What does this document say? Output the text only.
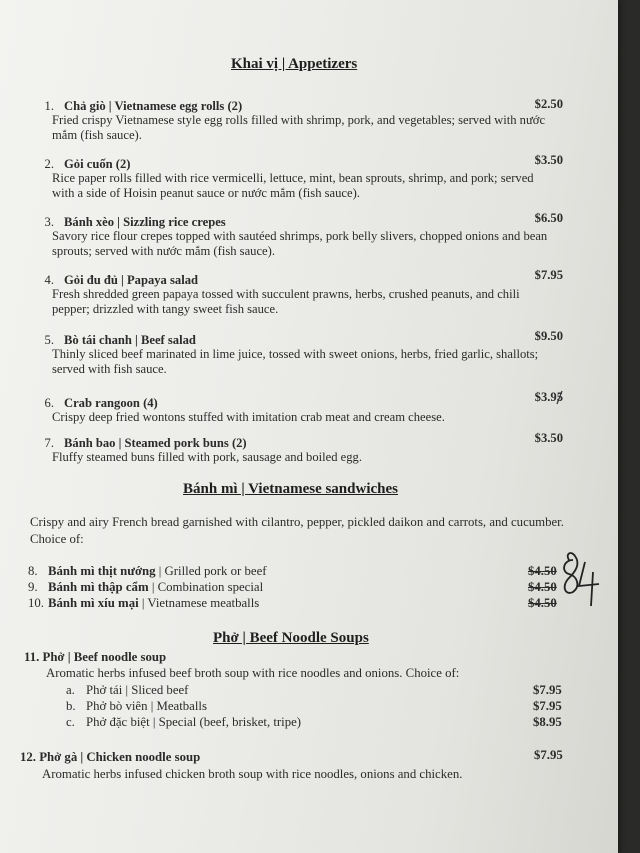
Khai vị | Appetizers
1. Chả giò | Vietnamese egg rolls (2)	$2.50
Fried crispy Vietnamese style egg rolls filled with shrimp, pork, and vegetables; served with nước mắm (fish sauce).
2. Gỏi cuốn (2)	$3.50
Rice paper rolls filled with rice vermicelli, lettuce, mint, bean sprouts, shrimp, and pork; served with a side of Hoisin peanut sauce or nước mắm (fish sauce).
3. Bánh xèo | Sizzling rice crepes	$6.50
Savory rice flour crepes topped with sautéed shrimps, pork belly slivers, chopped onions and bean sprouts; served with nước mắm (fish sauce).
4. Gỏi đu đủ | Papaya salad	$7.95
Fresh shredded green papaya tossed with succulent prawns, herbs, crushed peanuts, and chili pepper; drizzled with tangy sweet fish sauce.
5. Bò tái chanh | Beef salad	$9.50
Thinly sliced beef marinated in lime juice, tossed with sweet onions, herbs, fried garlic, shallots; served with fish sauce.
6. Crab rangoon (4)	$3.95
Crispy deep fried wontons stuffed with imitation crab meat and cream cheese.
7. Bánh bao | Steamed pork buns (2)	$3.50
Fluffy steamed buns filled with pork, sausage and boiled egg.
Bánh mì | Vietnamese sandwiches
Crispy and airy French bread garnished with cilantro, pepper, pickled daikon and carrots, and cucumber. Choice of:
8. Bánh mì thịt nướng | Grilled pork or beef	$4.50
9. Bánh mì thập cẩm | Combination special	$4.50
10. Bánh mì xíu mại | Vietnamese meatballs	$4.50
84
Phở | Beef Noodle Soups
11. Phở | Beef noodle soup
Aromatic herbs infused beef broth soup with rice noodles and onions. Choice of:
a. Phở tái | Sliced beef	$7.95
b. Phở bò viên | Meatballs	$7.95
c. Phở đặc biệt | Special (beef, brisket, tripe)	$8.95
12. Phở gà | Chicken noodle soup	$7.95
Aromatic herbs infused chicken broth soup with rice noodles, onions and chicken.
